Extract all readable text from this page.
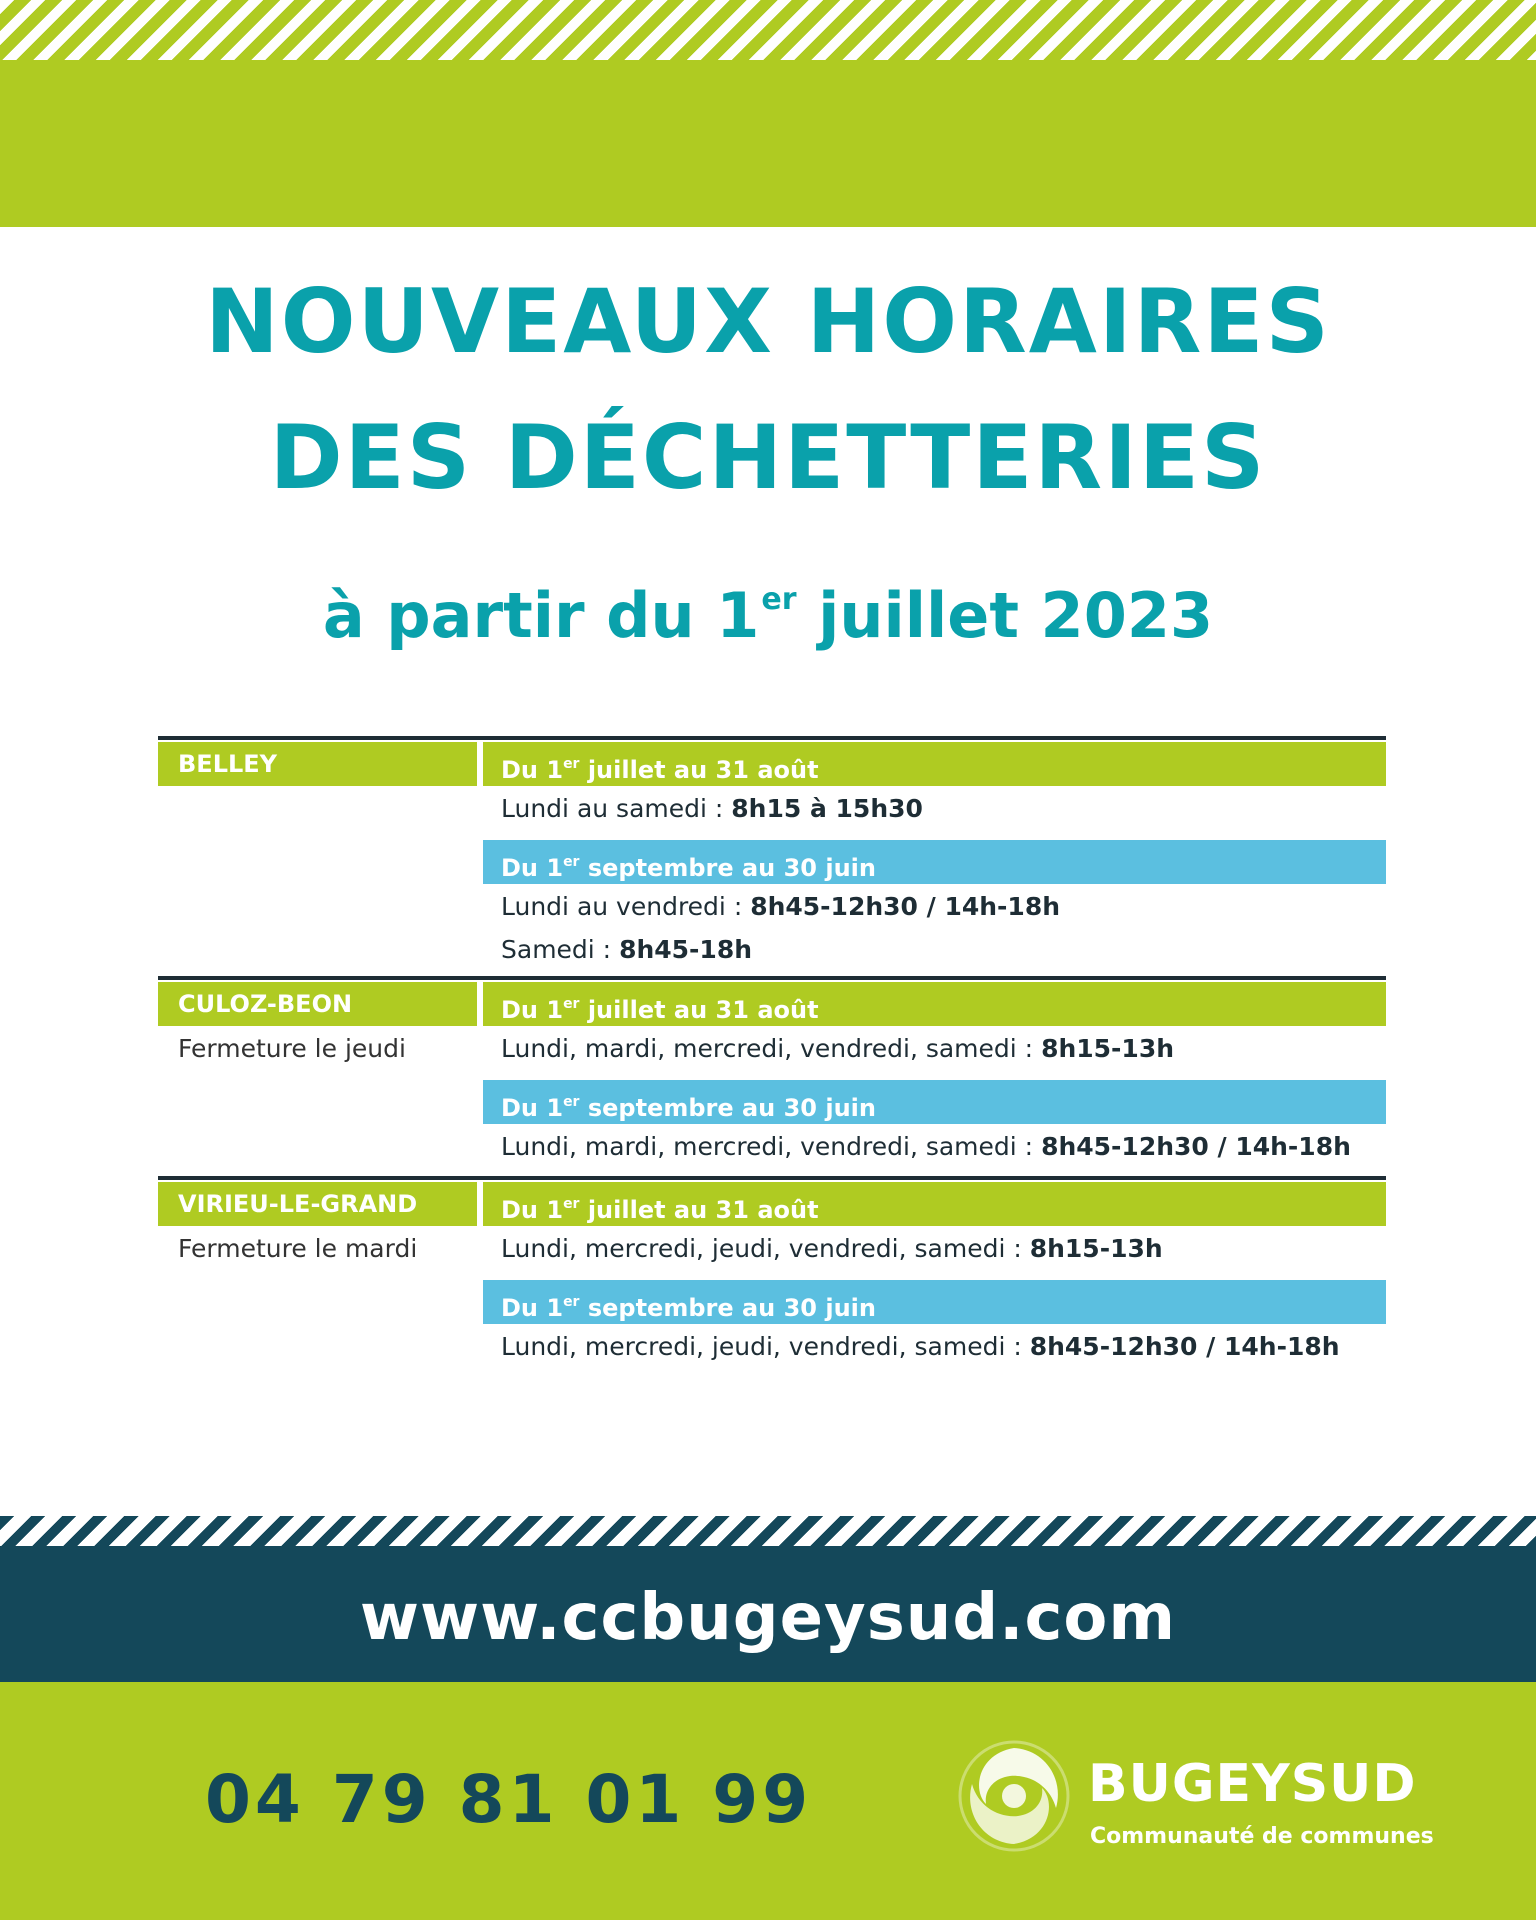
NOUVEAUX HORAIRES
DES DÉCHETTERIES
à partir du 1er juillet 2023
BELLEY	Du 1er juillet au 31 août
Lundi au samedi : 8h15 à 15h30
Du 1er septembre au 30 juin
Lundi au vendredi : 8h45-12h30 / 14h-18h
Samedi : 8h45-18h
CULOZ-BEON
Fermeture le jeudi
Du 1er juillet au 31 août
Lundi, mardi, mercredi, vendredi, samedi : 8h15-13h
Du 1er septembre au 30 juin
Lundi, mardi, mercredi, vendredi, samedi : 8h45-12h30 / 14h-18h
VIRIEU-LE-GRAND
Fermeture le mardi
Du 1er juillet au 31 août
Lundi, mercredi, jeudi, vendredi, samedi : 8h15-13h
Du 1er septembre au 30 juin
Lundi, mercredi, jeudi, vendredi, samedi : 8h45-12h30 / 14h-18h
www.ccbugeysud.com
04 79 81 01 99	BUGEYSUD
Communauté de communes
